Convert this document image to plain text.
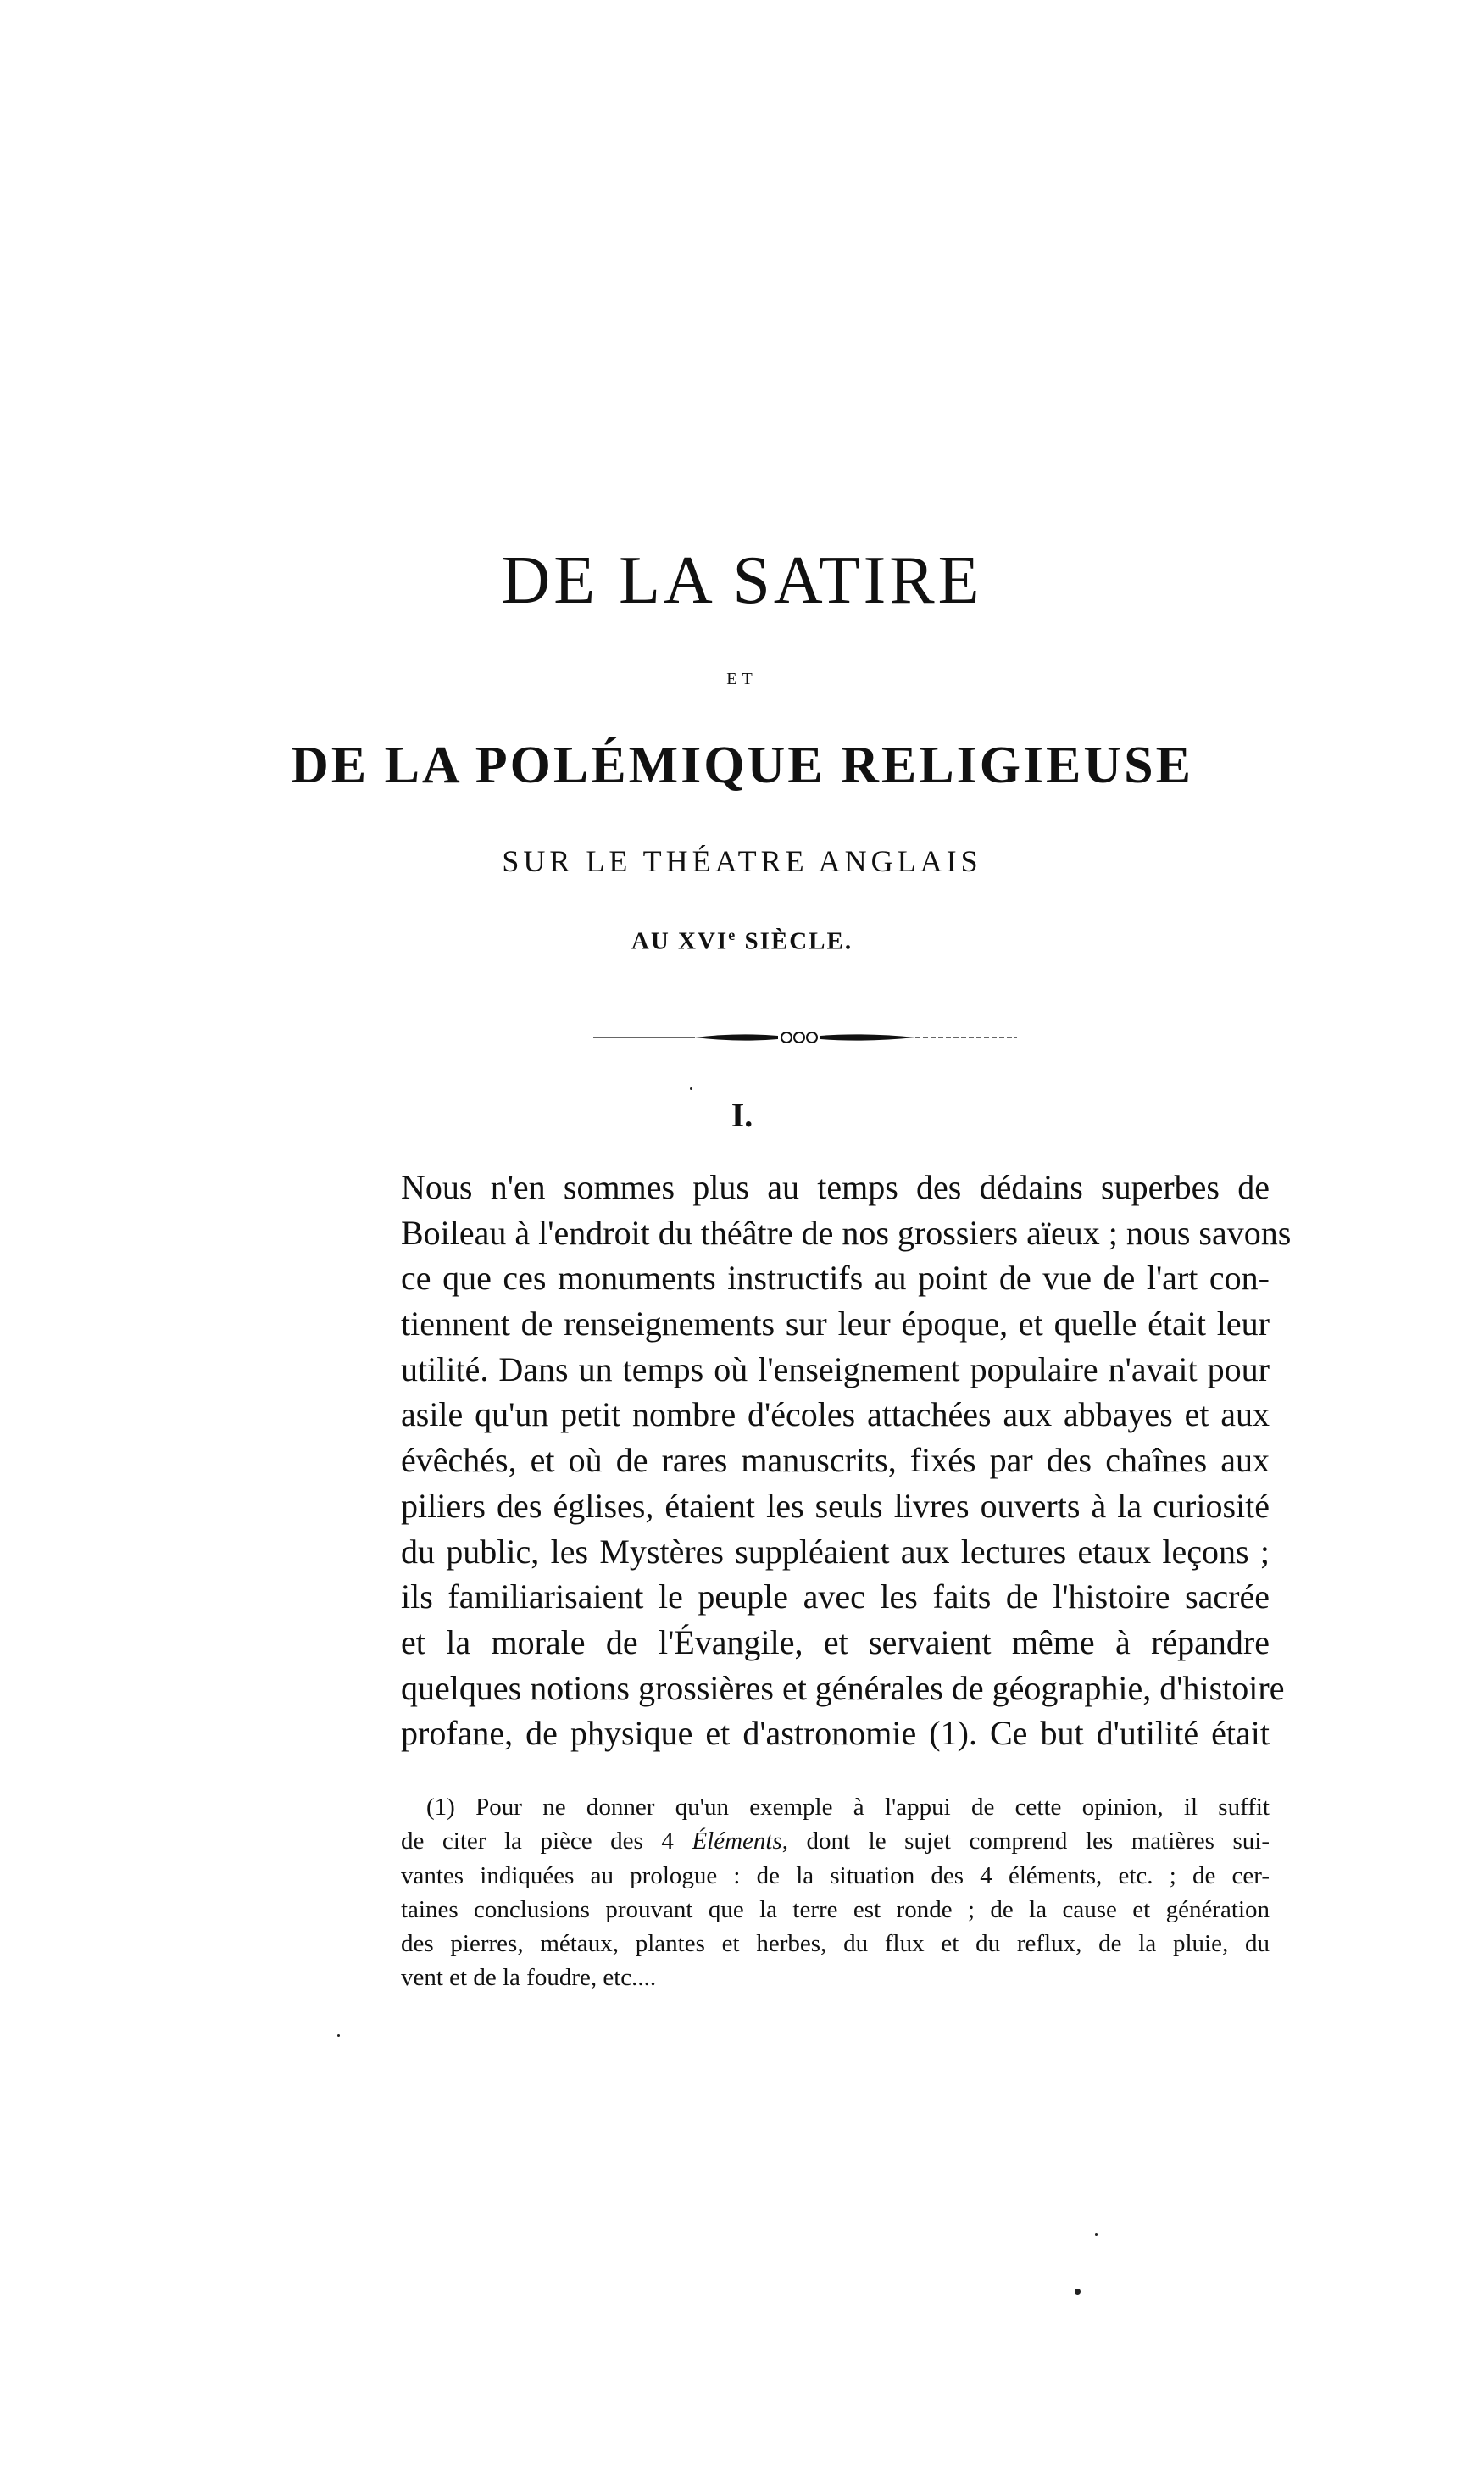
DE LA SATIRE
ET
DE LA POLÉMIQUE RELIGIEUSE
SUR LE THÉATRE ANGLAIS
AU XVIe SIÈCLE.
I.
Nous n'en sommes plus au temps des dédains superbes de
Boileau à l'endroit du théâtre de nos grossiers aïeux ; nous savons
ce que ces monuments instructifs au point de vue de l'art con-
tiennent de renseignements sur leur époque, et quelle était leur
utilité. Dans un temps où l'enseignement populaire n'avait pour
asile qu'un petit nombre d'écoles attachées aux abbayes et aux
évêchés, et où de rares manuscrits, fixés par des chaînes aux
piliers des églises, étaient les seuls livres ouverts à la curiosité
du public, les Mystères suppléaient aux lectures etaux leçons ;
ils familiarisaient le peuple avec les faits de l'histoire sacrée
et la morale de l'Évangile, et servaient même à répandre
quelques notions grossières et générales de géographie, d'histoire
profane, de physique et d'astronomie (1). Ce but d'utilité était
(1) Pour ne donner qu'un exemple à l'appui de cette opinion, il suffit
de citer la pièce des 4 Éléments, dont le sujet comprend les matières sui-
vantes indiquées au prologue : de la situation des 4 éléments, etc. ; de cer-
taines conclusions prouvant que la terre est ronde ; de la cause et génération
des pierres, métaux, plantes et herbes, du flux et du reflux, de la pluie, du
vent et de la foudre, etc....
